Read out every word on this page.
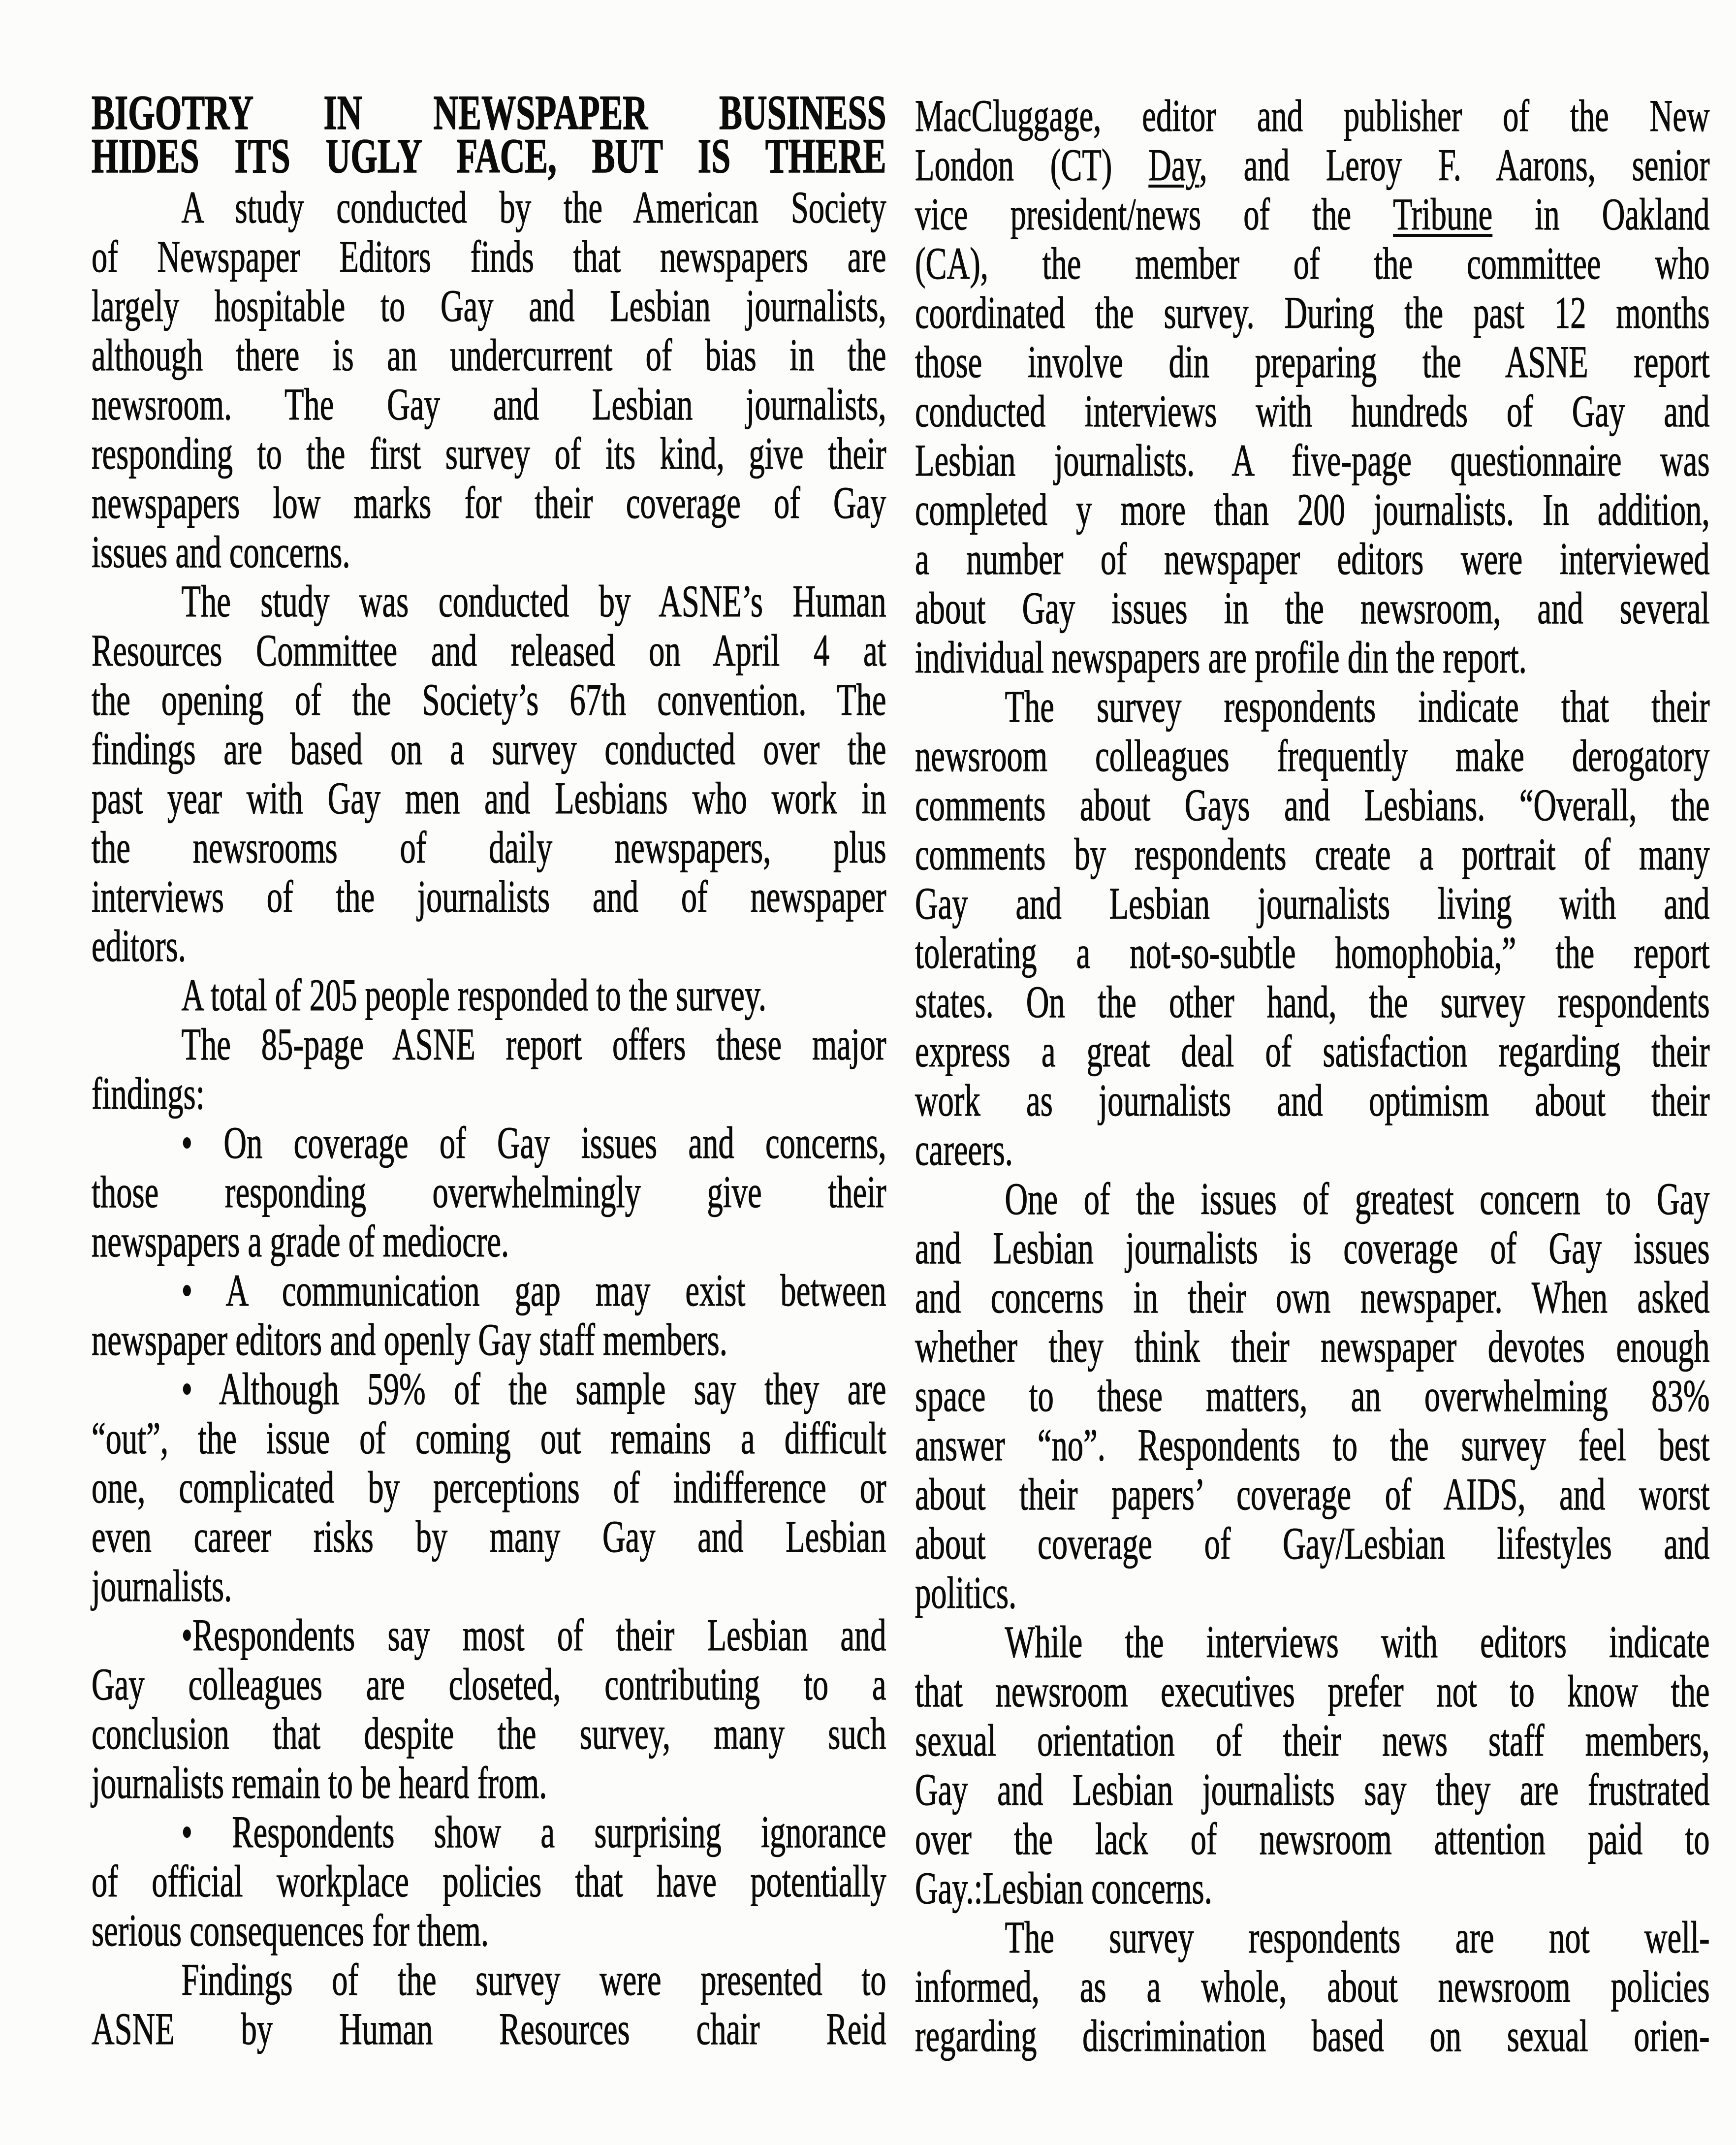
BIGOTRY IN NEWSPAPER BUSINESS
HIDES ITS UGLY FACE, BUT IS THERE
A study conducted by the American Society
of Newspaper Editors finds that newspapers are
largely hospitable to Gay and Lesbian journalists,
although there is an undercurrent of bias in the
newsroom. The Gay and Lesbian journalists,
responding to the first survey of its kind, give their
newspapers low marks for their coverage of Gay
issues and concerns.
The study was conducted by ASNE’s Human
Resources Committee and released on April 4 at
the opening of the Society’s 67th convention. The
findings are based on a survey conducted over the
past year with Gay men and Lesbians who work in
the newsrooms of daily newspapers, plus
interviews of the journalists and of newspaper
editors.
A total of 205 people responded to the survey.
The 85-page ASNE report offers these major
findings:
• On coverage of Gay issues and concerns,
those responding overwhelmingly give their
newspapers a grade of mediocre.
• A communication gap may exist between
newspaper editors and openly Gay staff members.
• Although 59% of the sample say they are
“out”, the issue of coming out remains a difficult
one, complicated by perceptions of indifference or
even career risks by many Gay and Lesbian
journalists.
•Respondents say most of their Lesbian and
Gay colleagues are closeted, contributing to a
conclusion that despite the survey, many such
journalists remain to be heard from.
• Respondents show a surprising ignorance
of official workplace policies that have potentially
serious consequences for them.
Findings of the survey were presented to
ASNE by Human Resources chair Reid
MacCluggage, editor and publisher of the New
London (CT) Day, and Leroy F. Aarons, senior
vice president/news of the Tribune in Oakland
(CA), the member of the committee who
coordinated the survey. During the past 12 months
those involve din preparing the ASNE report
conducted interviews with hundreds of Gay and
Lesbian journalists. A five-page questionnaire was
completed y more than 200 journalists. In addition,
a number of newspaper editors were interviewed
about Gay issues in the newsroom, and several
individual newspapers are profile din the report.
The survey respondents indicate that their
newsroom colleagues frequently make derogatory
comments about Gays and Lesbians. “Overall, the
comments by respondents create a portrait of many
Gay and Lesbian journalists living with and
tolerating a not-so-subtle homophobia,” the report
states. On the other hand, the survey respondents
express a great deal of satisfaction regarding their
work as journalists and optimism about their
careers.
One of the issues of greatest concern to Gay
and Lesbian journalists is coverage of Gay issues
and concerns in their own newspaper. When asked
whether they think their newspaper devotes enough
space to these matters, an overwhelming 83%
answer “no”. Respondents to the survey feel best
about their papers’ coverage of AIDS, and worst
about coverage of Gay/Lesbian lifestyles and
politics.
While the interviews with editors indicate
that newsroom executives prefer not to know the
sexual orientation of their news staff members,
Gay and Lesbian journalists say they are frustrated
over the lack of newsroom attention paid to
Gay.:Lesbian concerns.
The survey respondents are not well-
informed, as a whole, about newsroom policies
regarding discrimination based on sexual orien-
